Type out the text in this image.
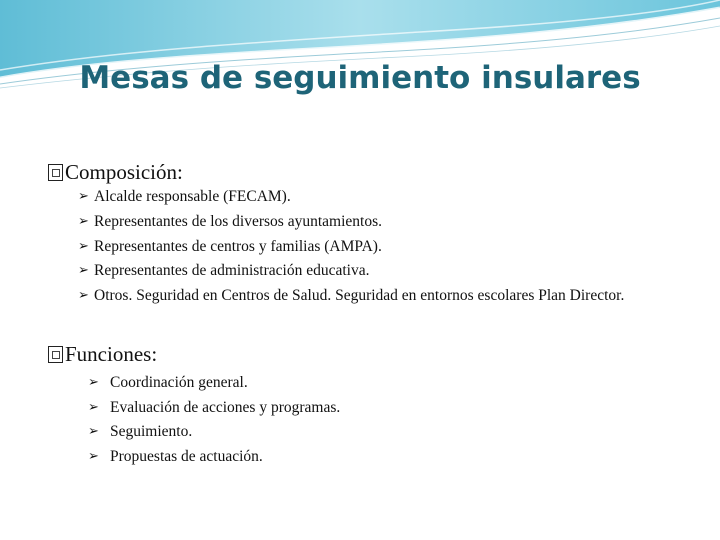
Mesas de seguimiento insulares
Composición:
➢ Alcalde responsable (FECAM).
➢ Representantes de los diversos ayuntamientos.
➢ Representantes de centros y familias (AMPA).
➢ Representantes de administración educativa.
➢ Otros. Seguridad en Centros de Salud. Seguridad en entornos escolares Plan Director.
Funciones:
➢ Coordinación general.
➢ Evaluación de acciones y programas.
➢ Seguimiento.
➢ Propuestas de actuación.
